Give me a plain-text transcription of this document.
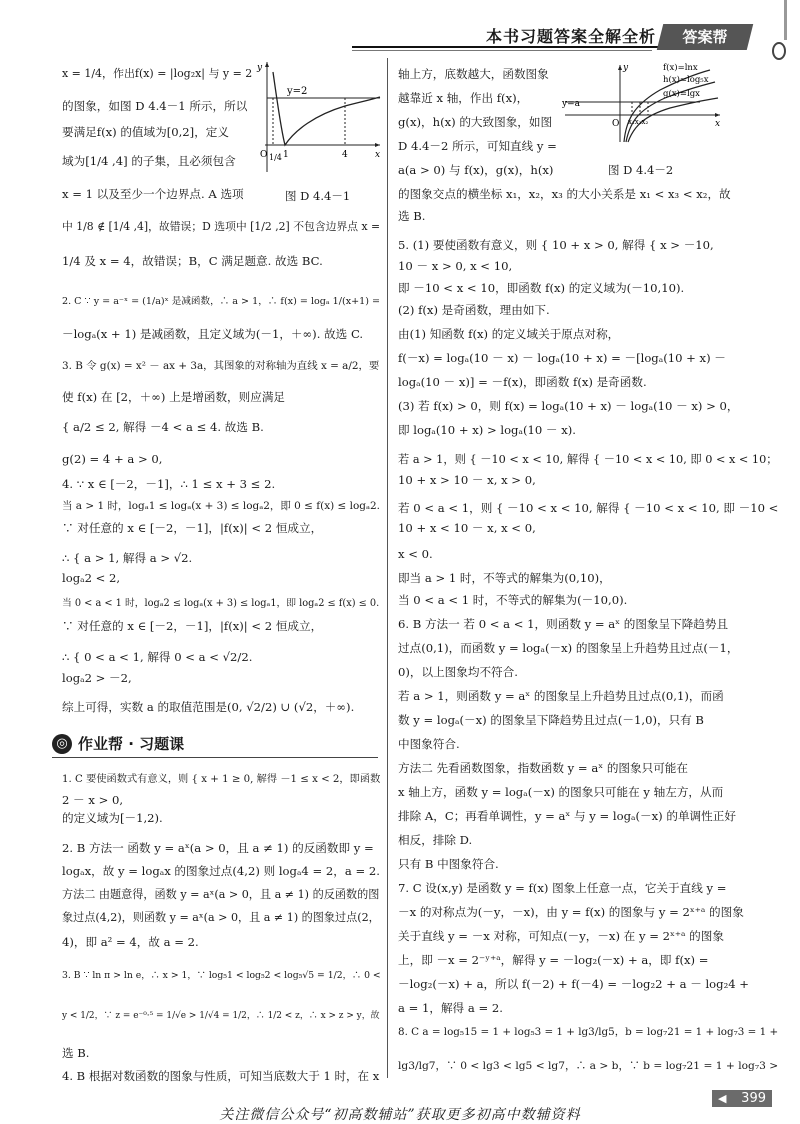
本书习题答案全解全析	答案帮
y=2
O 1/4 1	4	x
y
图 D 4.4－1
f(x)=lnx
h(x)=log₅x
g(x)=lgx
y=a
O x₁x₃x₂	x
y
图 D 4.4－2
◎ 作业帮 · 习题课
x = 1/4，作出f(x) = |log₂x| 与 y = 2
的图象，如图 D 4.4－1 所示，所以
要满足f(x) 的值域为[0,2]，定义
域为[1/4 ,4] 的子集，且必须包含
x = 1 以及至少一个边界点. A 选项
中 1/8 ∉ [1/4 ,4]，故错误；D 选项中 [1/2 ,2] 不包含边界点 x =
1/4 及 x = 4，故错误；B，C 满足题意. 故选 BC.
2. C ∵ y = a⁻ˣ = (1/a)ˣ 是减函数，∴ a > 1，∴ f(x) = logₐ 1/(x+1) =
－logₐ(x + 1) 是减函数，且定义域为(－1，＋∞). 故选 C.
3. B 令 g(x) = x² － ax + 3a，其图象的对称轴为直线 x = a/2，要
使 f(x) 在 [2，＋∞) 上是增函数，则应满足
{ a/2 ≤ 2, 解得 －4 < a ≤ 4. 故选 B.
g(2) = 4 + a > 0,
4. ∵ x ∈ [－2，－1]，∴ 1 ≤ x + 3 ≤ 2.
当 a > 1 时，logₐ1 ≤ logₐ(x + 3) ≤ logₐ2，即 0 ≤ f(x) ≤ logₐ2.
∵ 对任意的 x ∈ [－2，－1]，|f(x)| < 2 恒成立，
∴ { a > 1, 解得 a > √2.
logₐ2 < 2,
当 0 < a < 1 时，logₐ2 ≤ logₐ(x + 3) ≤ logₐ1，即 logₐ2 ≤ f(x) ≤ 0.
∵ 对任意的 x ∈ [－2，－1]，|f(x)| < 2 恒成立，
∴ { 0 < a < 1, 解得 0 < a < √2/2.
logₐ2 > －2,
综上可得，实数 a 的取值范围是(0, √2/2) ∪ (√2，＋∞).
1. C 要使函数式有意义，则 { x + 1 ≥ 0, 解得 －1 ≤ x < 2，即函数
2 － x > 0,
的定义域为[－1,2).
2. B 方法一 函数 y = aˣ(a > 0，且 a ≠ 1) 的反函数即 y =
logₐx，故 y = logₐx 的图象过点(4,2) 则 logₐ4 = 2，a = 2.
方法二 由题意得，函数 y = aˣ(a > 0，且 a ≠ 1) 的反函数的图
象过点(4,2)，则函数 y = aˣ(a > 0，且 a ≠ 1) 的图象过点(2，
4)，即 a² = 4，故 a = 2.
3. B ∵ ln π > ln e，∴ x > 1，∵ log₅1 < log₅2 < log₅√5 = 1/2，∴ 0 <
y < 1/2，∵ z = e⁻⁰·⁵ = 1/√e > 1/√4 = 1/2，∴ 1/2 < z，∴ x > z > y，故
选 B.
4. B 根据对数函数的图象与性质，可知当底数大于 1 时，在 x
轴上方，底数越大，函数图象
越靠近 x 轴，作出 f(x)，
g(x)，h(x) 的大致图象，如图
D 4.4－2 所示，可知直线 y =
a(a > 0) 与 f(x)，g(x)，h(x)
的图象交点的横坐标 x₁，x₂，x₃ 的大小关系是 x₁ < x₃ < x₂，故
选 B.
5. (1) 要使函数有意义，则 { 10 + x > 0, 解得 { x > －10,
10 － x > 0, x < 10,
即 －10 < x < 10，即函数 f(x) 的定义域为(－10,10).
(2) f(x) 是奇函数，理由如下.
由(1) 知函数 f(x) 的定义域关于原点对称，
f(－x) = logₐ(10 － x) － logₐ(10 + x) = －[logₐ(10 + x) －
logₐ(10 － x)] = －f(x)，即函数 f(x) 是奇函数.
(3) 若 f(x) > 0，则 f(x) = logₐ(10 + x) － logₐ(10 － x) > 0，
即 logₐ(10 + x) > logₐ(10 － x).
若 a > 1，则 { －10 < x < 10, 解得 { －10 < x < 10, 即 0 < x < 10；
10 + x > 10 － x, x > 0,
若 0 < a < 1，则 { －10 < x < 10, 解得 { －10 < x < 10, 即 －10 <
10 + x < 10 － x, x < 0,
x < 0.
即当 a > 1 时，不等式的解集为(0,10)，
当 0 < a < 1 时，不等式的解集为(－10,0).
6. B 方法一 若 0 < a < 1，则函数 y = aˣ 的图象呈下降趋势且
过点(0,1)，而函数 y = logₐ(－x) 的图象呈上升趋势且过点(－1，
0)，以上图象均不符合.
若 a > 1，则函数 y = aˣ 的图象呈上升趋势且过点(0,1)，而函
数 y = logₐ(－x) 的图象呈下降趋势且过点(－1,0)，只有 B
中图象符合.
方法二 先看函数图象，指数函数 y = aˣ 的图象只可能在
x 轴上方，函数 y = logₐ(－x) 的图象只可能在 y 轴左方，从而
排除 A，C；再看单调性，y = aˣ 与 y = logₐ(－x) 的单调性正好
相反，排除 D.
只有 B 中图象符合.
7. C 设(x,y) 是函数 y = f(x) 图象上任意一点，它关于直线 y =
－x 的对称点为(－y，－x)，由 y = f(x) 的图象与 y = 2ˣ⁺ᵃ 的图象
关于直线 y = －x 对称，可知点(－y，－x) 在 y = 2ˣ⁺ᵃ 的图象
上，即 －x = 2⁻ʸ⁺ᵃ，解得 y = －log₂(－x) + a，即 f(x) =
－log₂(－x) + a，所以 f(－2) + f(－4) = －log₂2 + a － log₂4 +
a = 1，解得 a = 2.
8. C a = log₅15 = 1 + log₅3 = 1 + lg3/lg5，b = log₇21 = 1 + log₇3 = 1 +
lg3/lg7，∵ 0 < lg3 < lg5 < lg7，∴ a > b，∵ b = log₇21 = 1 + log₇3 >
◀ 399
关注微信公众号“初高数辅站”获取更多初高中数辅资料
